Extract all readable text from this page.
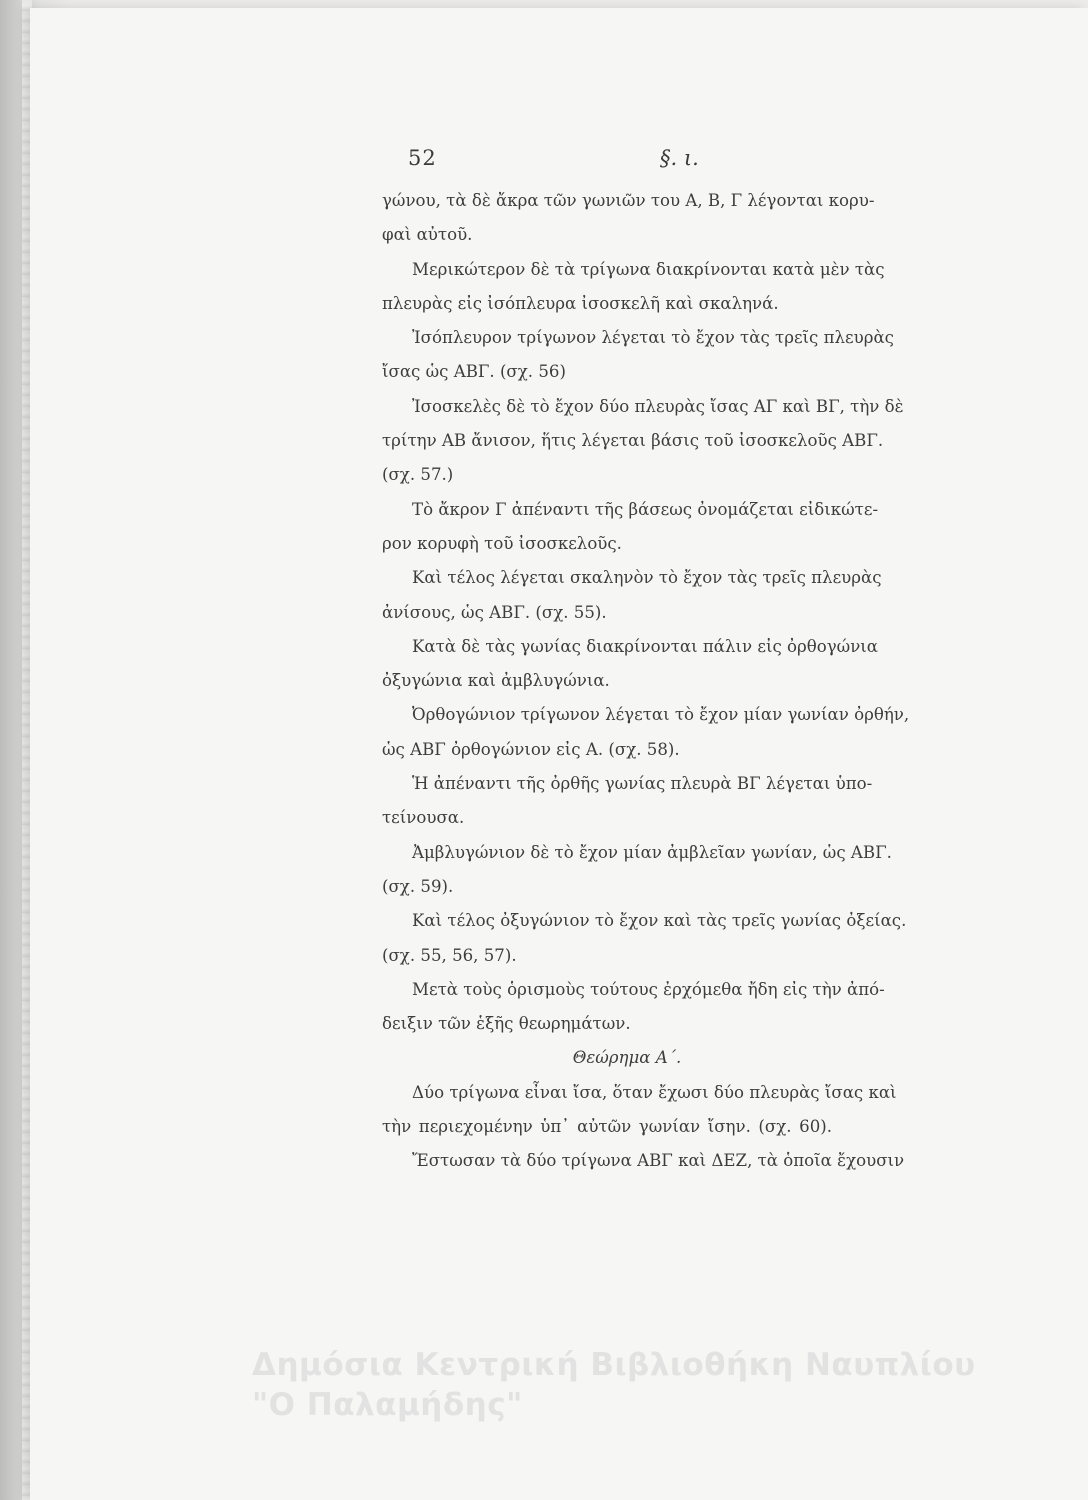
52	§. ι.
γώνου, τὰ δὲ ἄκρα τῶν γωνιῶν του Α, Β, Γ λέγονται κορυ-
φαὶ αὐτοῦ.
Μερικώτερον δὲ τὰ τρίγωνα διακρίνονται κατὰ μὲν τὰς
πλευρὰς εἰς ἰσόπλευρα ἰσοσκελῆ καὶ σκαληνά.
Ἰσόπλευρον τρίγωνον λέγεται τὸ ἔχον τὰς τρεῖς πλευρὰς
ἴσας ὡς ΑΒΓ. (σχ. 56)
Ἰσοσκελὲς δὲ τὸ ἔχον δύο πλευρὰς ἴσας ΑΓ καὶ ΒΓ, τὴν δὲ
τρίτην ΑΒ ἄνισον, ἥτις λέγεται βάσις τοῦ ἰσοσκελοῦς ΑΒΓ.
(σχ. 57.)
Τὸ ἄκρον Γ ἀπέναντι τῆς βάσεως ὀνομάζεται εἰδικώτε-
ρον κορυφὴ τοῦ ἰσοσκελοῦς.
Καὶ τέλος λέγεται σκαληνὸν τὸ ἔχον τὰς τρεῖς πλευρὰς
ἀνίσους, ὡς ΑΒΓ. (σχ. 55).
Κατὰ δὲ τὰς γωνίας διακρίνονται πάλιν εἰς ὀρθογώνια
ὀξυγώνια καὶ ἀμβλυγώνια.
Ὀρθογώνιον τρίγωνον λέγεται τὸ ἔχον μίαν γωνίαν ὀρθήν,
ὡς ΑΒΓ ὀρθογώνιον εἰς Α. (σχ. 58).
Ἡ ἀπέναντι τῆς ὀρθῆς γωνίας πλευρὰ ΒΓ λέγεται ὑπο-
τείνουσα.
Ἀμβλυγώνιον δὲ τὸ ἔχον μίαν ἀμβλεῖαν γωνίαν, ὡς ΑΒΓ.
(σχ. 59).
Καὶ τέλος ὀξυγώνιον τὸ ἔχον καὶ τὰς τρεῖς γωνίας ὀξείας.
(σχ. 55, 56, 57).
Μετὰ τοὺς ὁρισμοὺς τούτους ἐρχόμεθα ἤδη εἰς τὴν ἀπό-
δειξιν τῶν ἑξῆς θεωρημάτων.
Θεώρημα Α΄.
Δύο τρίγωνα εἶναι ἴσα, ὅταν ἔχωσι δύο πλευρὰς ἴσας καὶ
τὴν περιεχομένην ὑπ᾽ αὐτῶν γωνίαν ἴσην. (σχ. 60).
Ἔστωσαν τὰ δύο τρίγωνα ΑΒΓ καὶ ΔΕΖ, τὰ ὁποῖα ἔχουσιν
Δημόσια Κεντρική Βιβλιοθήκη Ναυπλίου
"Ο Παλαμήδης"
